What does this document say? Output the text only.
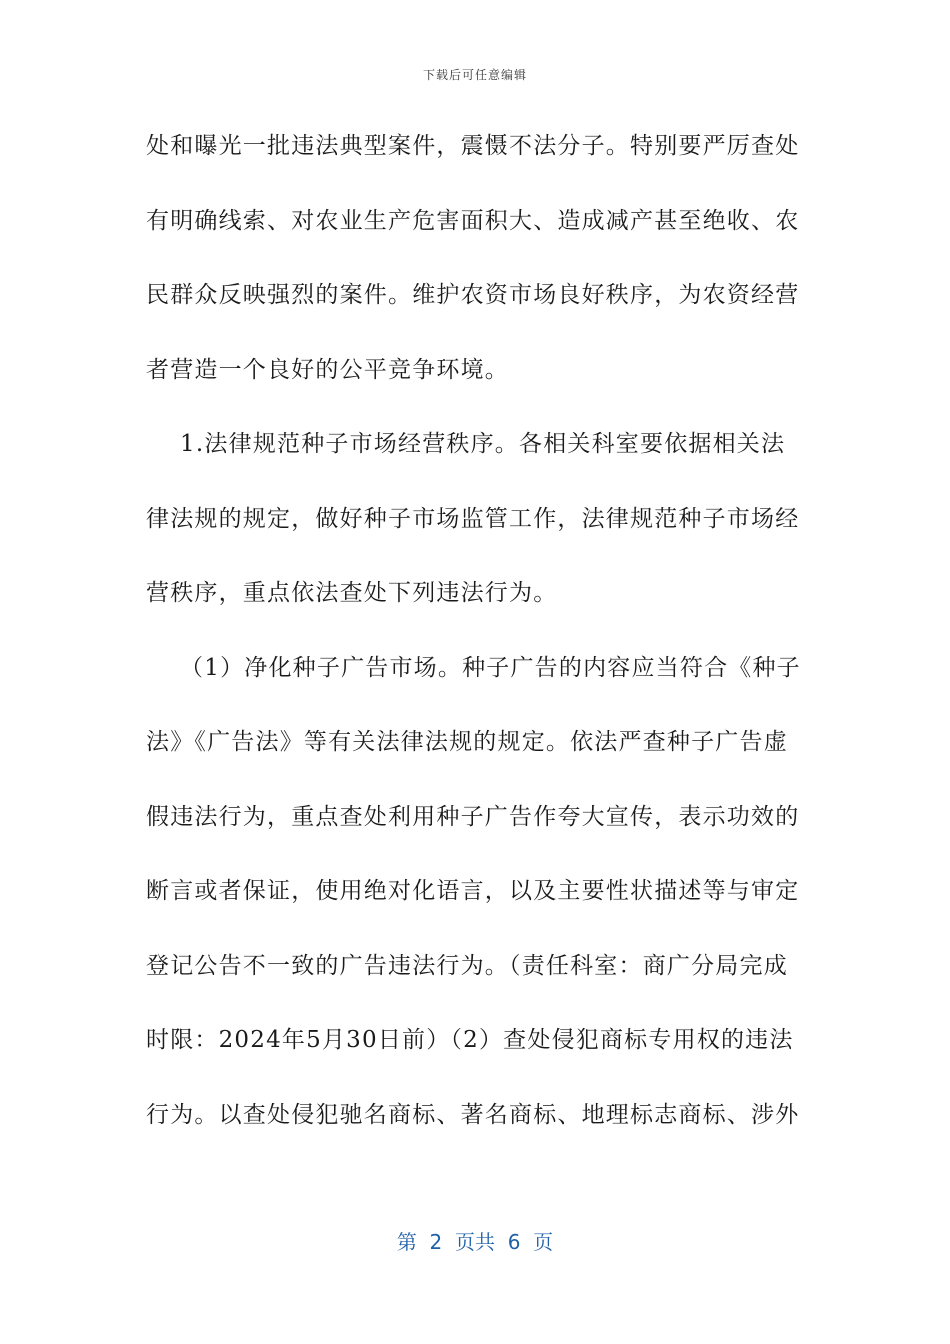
下载后可任意编辑
处和曝光一批违法典型案件，震慑不法分子。特别要严厉查处
有明确线索、对农业生产危害面积大、造成减产甚至绝收、农
民群众反映强烈的案件。维护农资市场良好秩序，为农资经营
者营造一个良好的公平竞争环境。
1.法律规范种子市场经营秩序。各相关科室要依据相关法
律法规的规定，做好种子市场监管工作，法律规范种子市场经
营秩序，重点依法查处下列违法行为。
（1）净化种子广告市场。种子广告的内容应当符合《种子
法》《广告法》等有关法律法规的规定。依法严查种子广告虚
假违法行为，重点查处利用种子广告作夸大宣传，表示功效的
断言或者保证，使用绝对化语言，以及主要性状描述等与审定
登记公告不一致的广告违法行为。（责任科室：商广分局完成
时限：2024年5月30日前）（2）查处侵犯商标专用权的违法
行为。以查处侵犯驰名商标、著名商标、地理标志商标、涉外
第  2  页共  6  页
